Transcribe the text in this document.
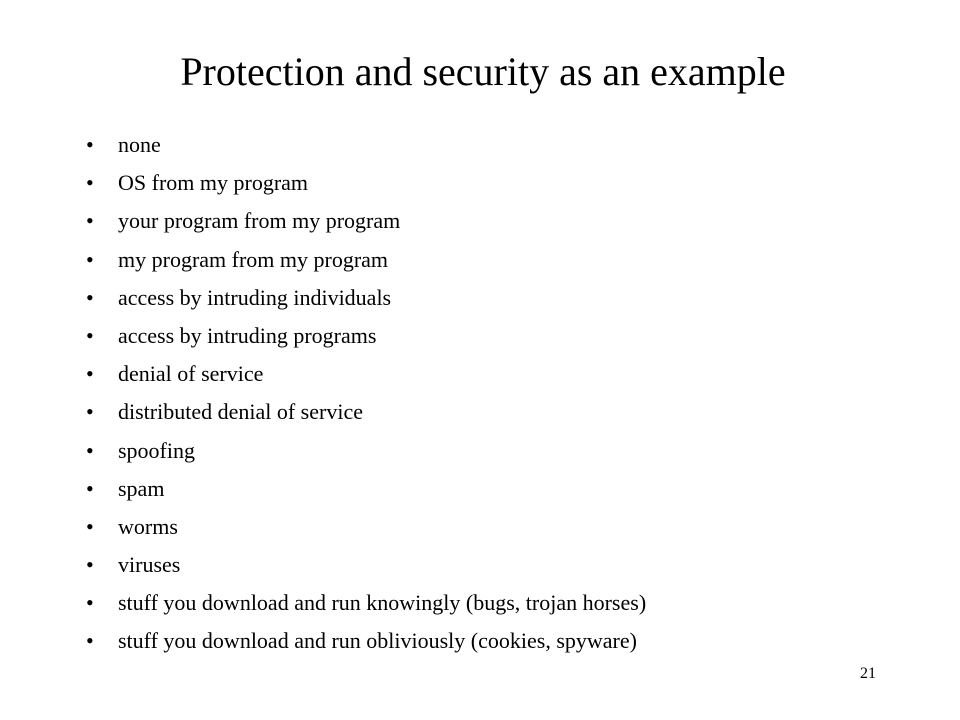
Protection and security as an example
•	none
•	OS from my program
•	your program from my program
•	my program from my program
•	access by intruding individuals
•	access by intruding programs
•	denial of service
•	distributed denial of service
•	spoofing
•	spam
•	worms
•	viruses
•	stuff you download and run knowingly (bugs, trojan horses)
•	stuff you download and run obliviously (cookies, spyware)
21
